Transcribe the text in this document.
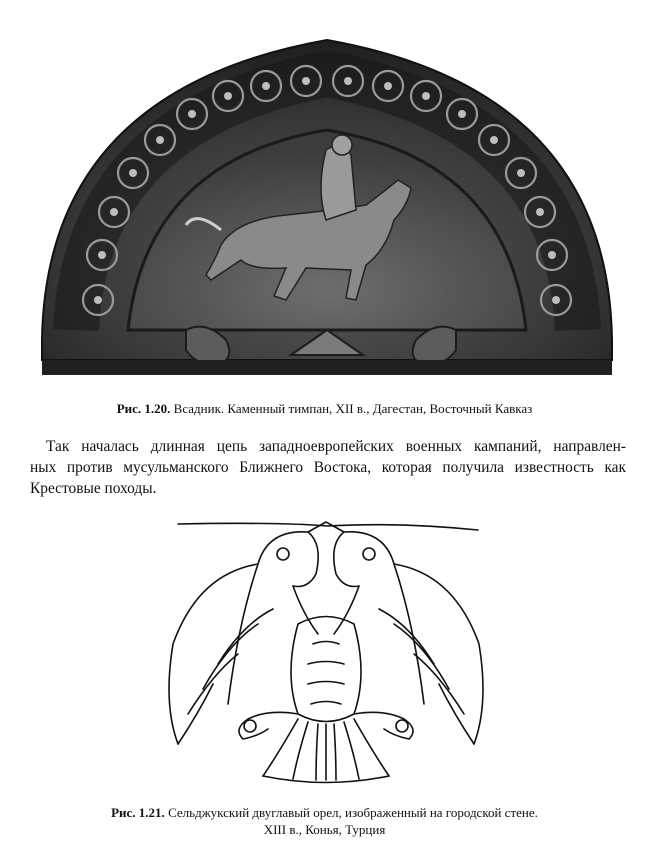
Рис. 1.20. Всадник. Каменный тимпан, XII в., Дагестан, Восточный Кавказ
Так началась длинная цепь западноевропейских военных кампаний, направлен-
ных против мусульманского Ближнего Востока, которая получила известность как
Крестовые походы.
Рис. 1.21. Сельджукский двуглавый орел, изображенный на городской стене.
XIII в., Конья, Турция
